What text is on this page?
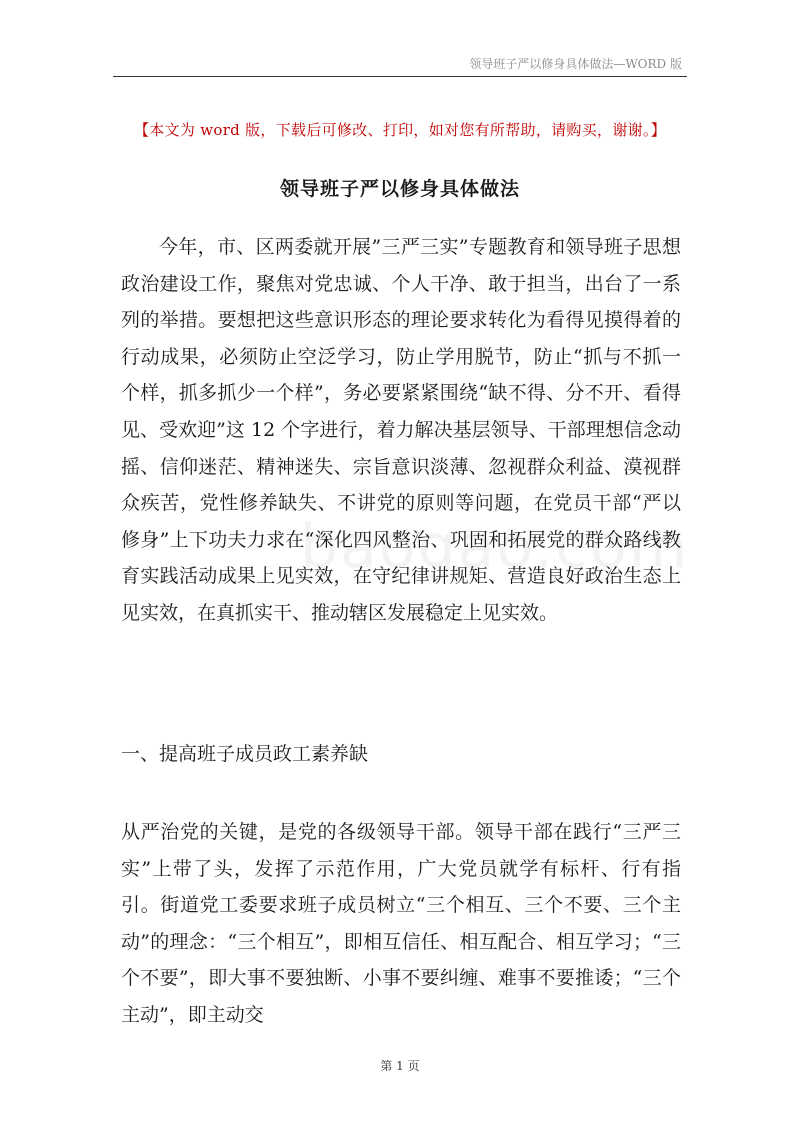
领导班子严以修身具体做法—WORD 版
【本文为 word 版，下载后可修改、打印，如对您有所帮助，请购买，谢谢。】
领导班子严以修身具体做法

今年，市、区两委就开展”三严三实”专题教育和领导班子思想政治建设工作，聚焦对党忠诚、个人干净、敢于担当，出台了一系列的举措。要想把这些意识形态的理论要求转化为看得见摸得着的行动成果，必须防止空泛学习，防止学用脱节，防止“抓与不抓一个样，抓多抓少一个样”，务必要紧紧围绕“缺不得、分不开、看得见、受欢迎”这 12 个字进行，着力解决基层领导、干部理想信念动摇、信仰迷茫、精神迷失、宗旨意识淡薄、忽视群众利益、漠视群众疾苦，党性修养缺失、不讲党的原则等问题，在党员干部“严以修身”上下功夫力求在“深化四风整治、巩固和拓展党的群众路线教育实践活动成果上见实效，在守纪律讲规矩、营造良好政治生态上见实效，在真抓实干、推动辖区发展稳定上见实效。

一、提高班子成员政工素养缺

从严治党的关键，是党的各级领导干部。领导干部在践行“三严三实”上带了头，发挥了示范作用，广大党员就学有标杆、行有指引。街道党工委要求班子成员树立“三个相互、三个不要、三个主动”的理念：“三个相互”，即相互信任、相互配合、相互学习；“三个不要”，即大事不要独断、小事不要纠缠、难事不要推诿；“三个主动”，即主动交

第 1 页
